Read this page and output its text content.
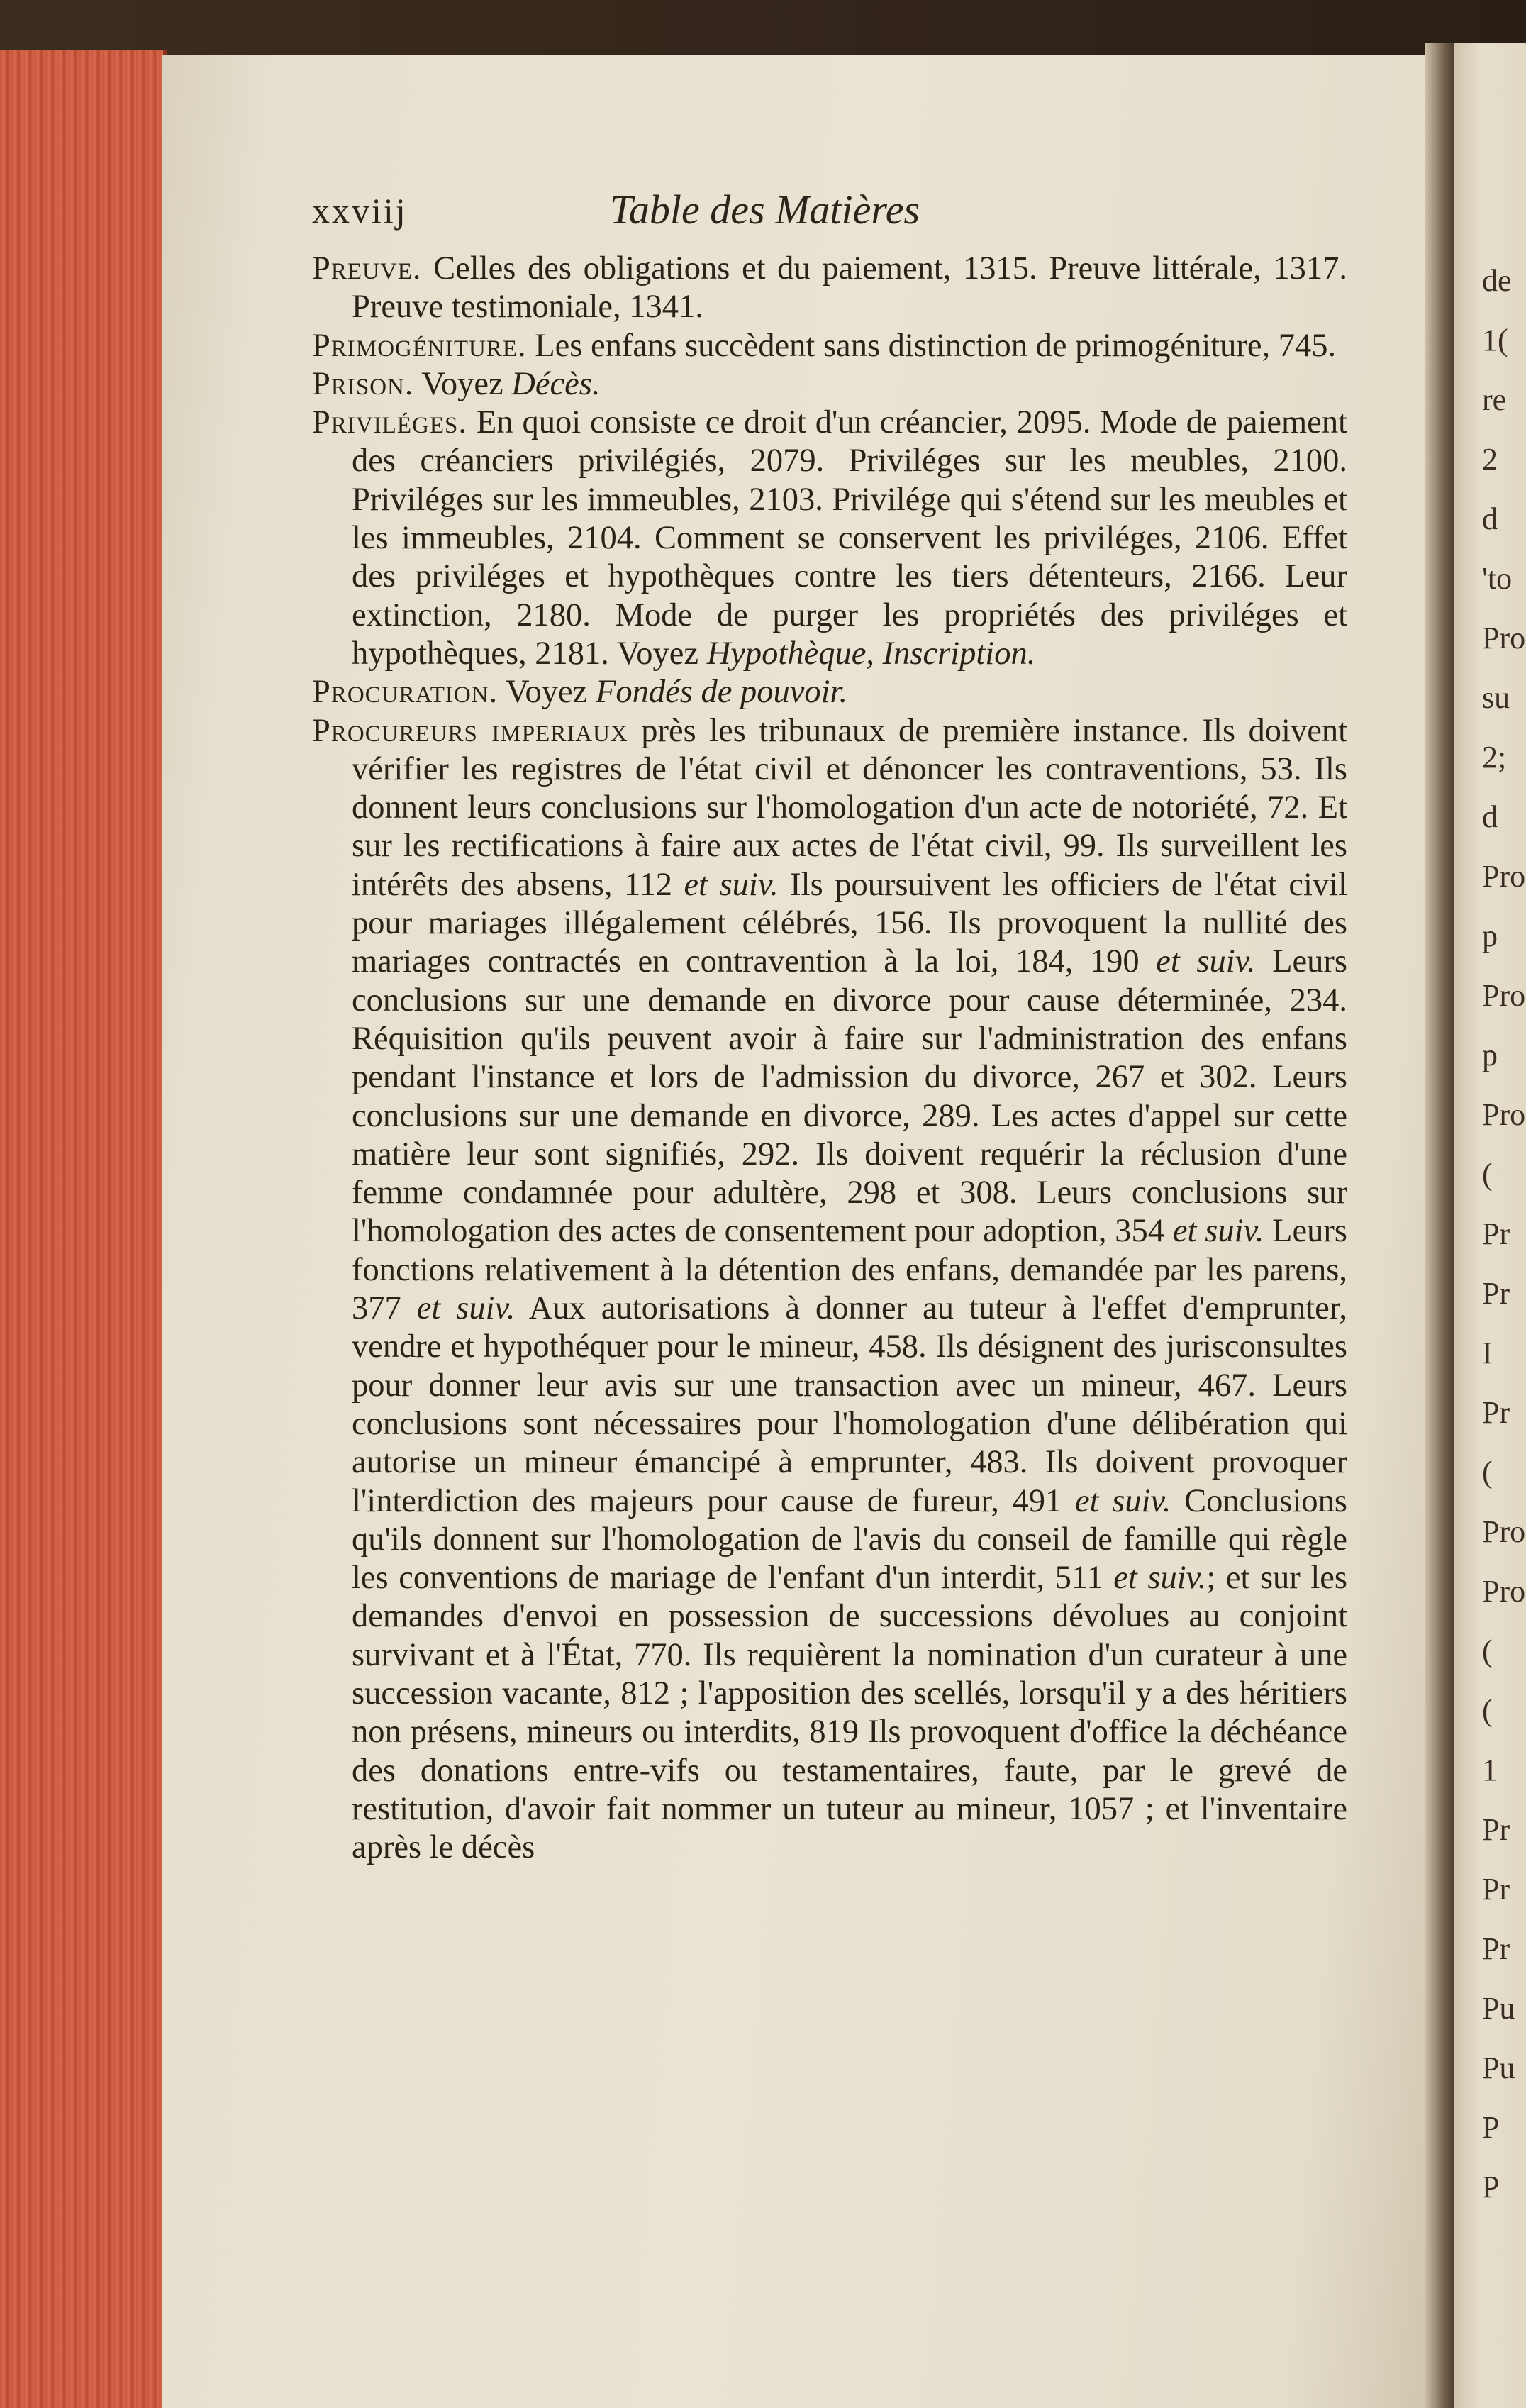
de
1(
re
2
d
'to
Pro
su
2;
d
Pro
p
Pro
p
Pro
(
Pr
Pr
I
Pr
(
Pro
Pro
(
(
1
Pr
Pr
Pr
Pu
Pu
P
P
xxviij	Table des Matières

Preuve. Celles des obligations et du paiement, 1315. Preuve littérale, 1317. Preuve testimoniale, 1341.

Primogéniture. Les enfans succèdent sans distinction de primogéniture, 745.

Prison. Voyez Décès.

Priviléges. En quoi consiste ce droit d'un créancier, 2095. Mode de paiement des créanciers privilégiés, 2079. Priviléges sur les meubles, 2100. Priviléges sur les immeubles, 2103. Privilége qui s'étend sur les meubles et les immeubles, 2104. Comment se conservent les priviléges, 2106. Effet des priviléges et hypothèques contre les tiers détenteurs, 2166. Leur extinction, 2180. Mode de purger les propriétés des priviléges et hypothèques, 2181. Voyez Hypothèque, Inscription.

Procuration. Voyez Fondés de pouvoir.

Procureurs imperiaux près les tribunaux de première instance. Ils doivent vérifier les registres de l'état civil et dénoncer les contraventions, 53. Ils donnent leurs conclusions sur l'homologation d'un acte de notoriété, 72. Et sur les rectifications à faire aux actes de l'état civil, 99. Ils surveillent les intérêts des absens, 112 et suiv. Ils poursuivent les officiers de l'état civil pour mariages illégalement célébrés, 156. Ils provoquent la nullité des mariages contractés en contravention à la loi, 184, 190 et suiv. Leurs conclusions sur une demande en divorce pour cause déterminée, 234. Réquisition qu'ils peuvent avoir à faire sur l'administration des enfans pendant l'instance et lors de l'admission du divorce, 267 et 302. Leurs conclusions sur une demande en divorce, 289. Les actes d'appel sur cette matière leur sont signifiés, 292. Ils doivent requérir la réclusion d'une femme condamnée pour adultère, 298 et 308. Leurs conclusions sur l'homologation des actes de consentement pour adoption, 354 et suiv. Leurs fonctions relativement à la détention des enfans, demandée par les parens, 377 et suiv. Aux autorisations à donner au tuteur à l'effet d'emprunter, vendre et hypothéquer pour le mineur, 458. Ils désignent des jurisconsultes pour donner leur avis sur une transaction avec un mineur, 467. Leurs conclusions sont nécessaires pour l'homologation d'une délibération qui autorise un mineur émancipé à emprunter, 483. Ils doivent provoquer l'interdiction des majeurs pour cause de fureur, 491 et suiv. Conclusions qu'ils donnent sur l'homologation de l'avis du conseil de famille qui règle les conventions de mariage de l'enfant d'un interdit, 511 et suiv.; et sur les demandes d'envoi en possession de successions dévolues au conjoint survivant et à l'État, 770. Ils requièrent la nomination d'un curateur à une succession vacante, 812 ; l'apposition des scellés, lorsqu'il y a des héritiers non présens, mineurs ou interdits, 819 Ils provoquent d'office la déchéance des donations entre-vifs ou testamentaires, faute, par le grevé de restitution, d'avoir fait nommer un tuteur au mineur, 1057 ; et l'inventaire après le décès
